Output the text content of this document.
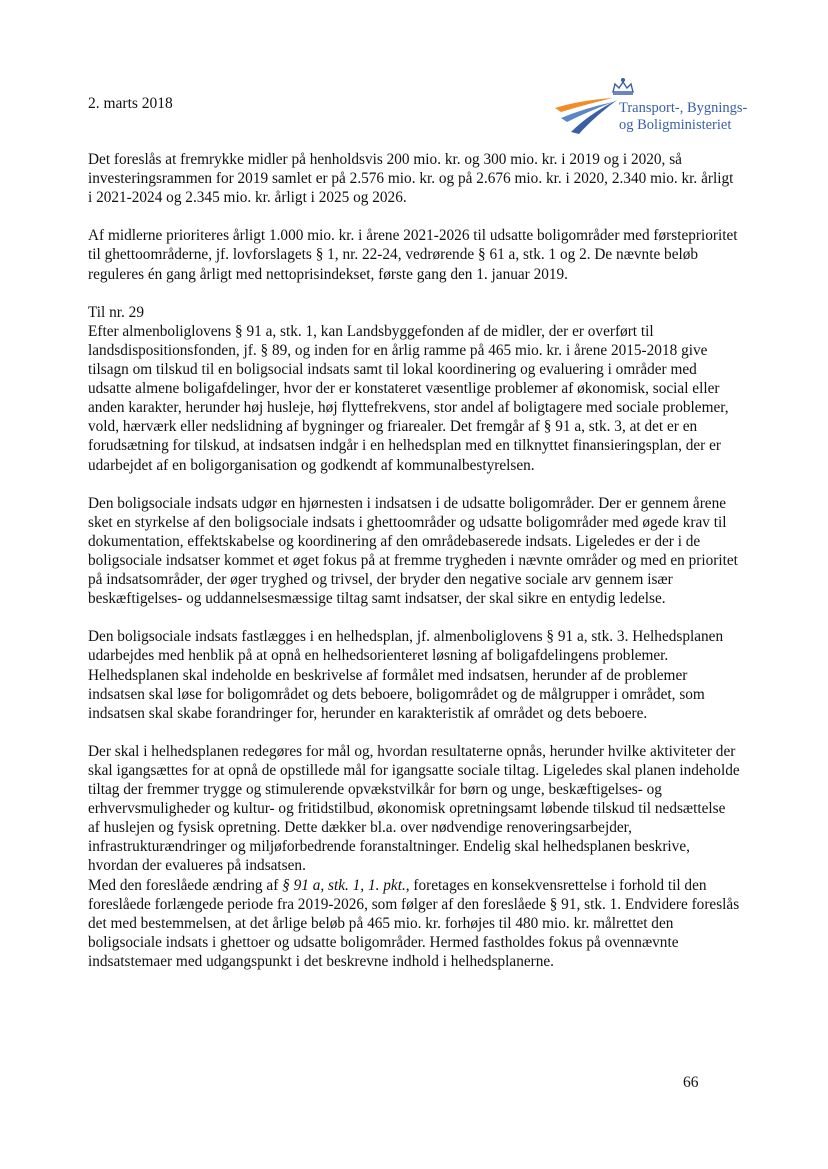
2. marts 2018	Transport-, Bygnings-
og Boligministeriet

Det foreslås at fremrykke midler på henholdsvis 200 mio. kr. og 300 mio. kr. i 2019 og i 2020, så investeringsrammen for 2019 samlet er på 2.576 mio. kr. og på 2.676 mio. kr. i 2020, 2.340 mio. kr. årligt i 2021-2024 og 2.345 mio. kr. årligt i 2025 og 2026.

Af midlerne prioriteres årligt 1.000 mio. kr. i årene 2021-2026 til udsatte boligområder med førsteprioritet til ghettoområderne, jf. lovforslagets § 1, nr. 22-24, vedrørende § 61 a, stk. 1 og 2. De nævnte beløb reguleres én gang årligt med nettoprisindekset, første gang den 1. januar 2019.

Til nr. 29

Efter almenboliglovens § 91 a, stk. 1, kan Landsbyggefonden af de midler, der er overført til landsdispositionsfonden, jf. § 89, og inden for en årlig ramme på 465 mio. kr. i årene 2015-2018 give tilsagn om tilskud til en boligsocial indsats samt til lokal koordinering og evaluering i områder med udsatte almene boligafdelinger, hvor der er konstateret væsentlige problemer af økonomisk, social eller anden karakter, herunder høj husleje, høj flyttefrekvens, stor andel af boligtagere med sociale problemer, vold, hærværk eller nedslidning af bygninger og friarealer. Det fremgår af § 91 a, stk. 3, at det er en forudsætning for tilskud, at indsatsen indgår i en helhedsplan med en tilknyttet finansieringsplan, der er udarbejdet af en boligorganisation og godkendt af kommunalbestyrelsen.

Den boligsociale indsats udgør en hjørnesten i indsatsen i de udsatte boligområder. Der er gennem årene sket en styrkelse af den boligsociale indsats i ghettoområder og udsatte boligområder med øgede krav til dokumentation, effektskabelse og koordinering af den områdebaserede indsats. Ligeledes er der i de boligsociale indsatser kommet et øget fokus på at fremme trygheden i nævnte områder og med en prioritet på indsatsområder, der øger tryghed og trivsel, der bryder den negative sociale arv gennem især beskæftigelses- og uddannelsesmæssige tiltag samt indsatser, der skal sikre en entydig ledelse.

Den boligsociale indsats fastlægges i en helhedsplan, jf. almenboliglovens § 91 a, stk. 3. Helhedsplanen udarbejdes med henblik på at opnå en helhedsorienteret løsning af boligafdelingens problemer. Helhedsplanen skal indeholde en beskrivelse af formålet med indsatsen, herunder af de problemer indsatsen skal løse for boligområdet og dets beboere, boligområdet og de målgrupper i området, som indsatsen skal skabe forandringer for, herunder en karakteristik af området og dets beboere.

Der skal i helhedsplanen redegøres for mål og, hvordan resultaterne opnås, herunder hvilke aktiviteter der skal igangsættes for at opnå de opstillede mål for igangsatte sociale tiltag. Ligeledes skal planen indeholde tiltag der fremmer trygge og stimulerende opvækstvilkår for børn og unge, beskæftigelses- og erhvervsmuligheder og kultur- og fritidstilbud, økonomisk opretningsamt løbende tilskud til nedsættelse af huslejen og fysisk opretning. Dette dækker bl.a. over nødvendige renoveringsarbejder, infrastrukturændringer og miljøforbedrende foranstaltninger. Endelig skal helhedsplanen beskrive, hvordan der evalueres på indsatsen.

Med den foreslåede ændring af § 91 a, stk. 1, 1. pkt., foretages en konsekvensrettelse i forhold til den foreslåede forlængede periode fra 2019-2026, som følger af den foreslåede § 91, stk. 1. Endvidere foreslås det med bestemmelsen, at det årlige beløb på 465 mio. kr. forhøjes til 480 mio. kr. målrettet den boligsociale indsats i ghettoer og udsatte boligområder. Hermed fastholdes fokus på ovennævnte indsatstemaer med udgangspunkt i det beskrevne indhold i helhedsplanerne.

66
